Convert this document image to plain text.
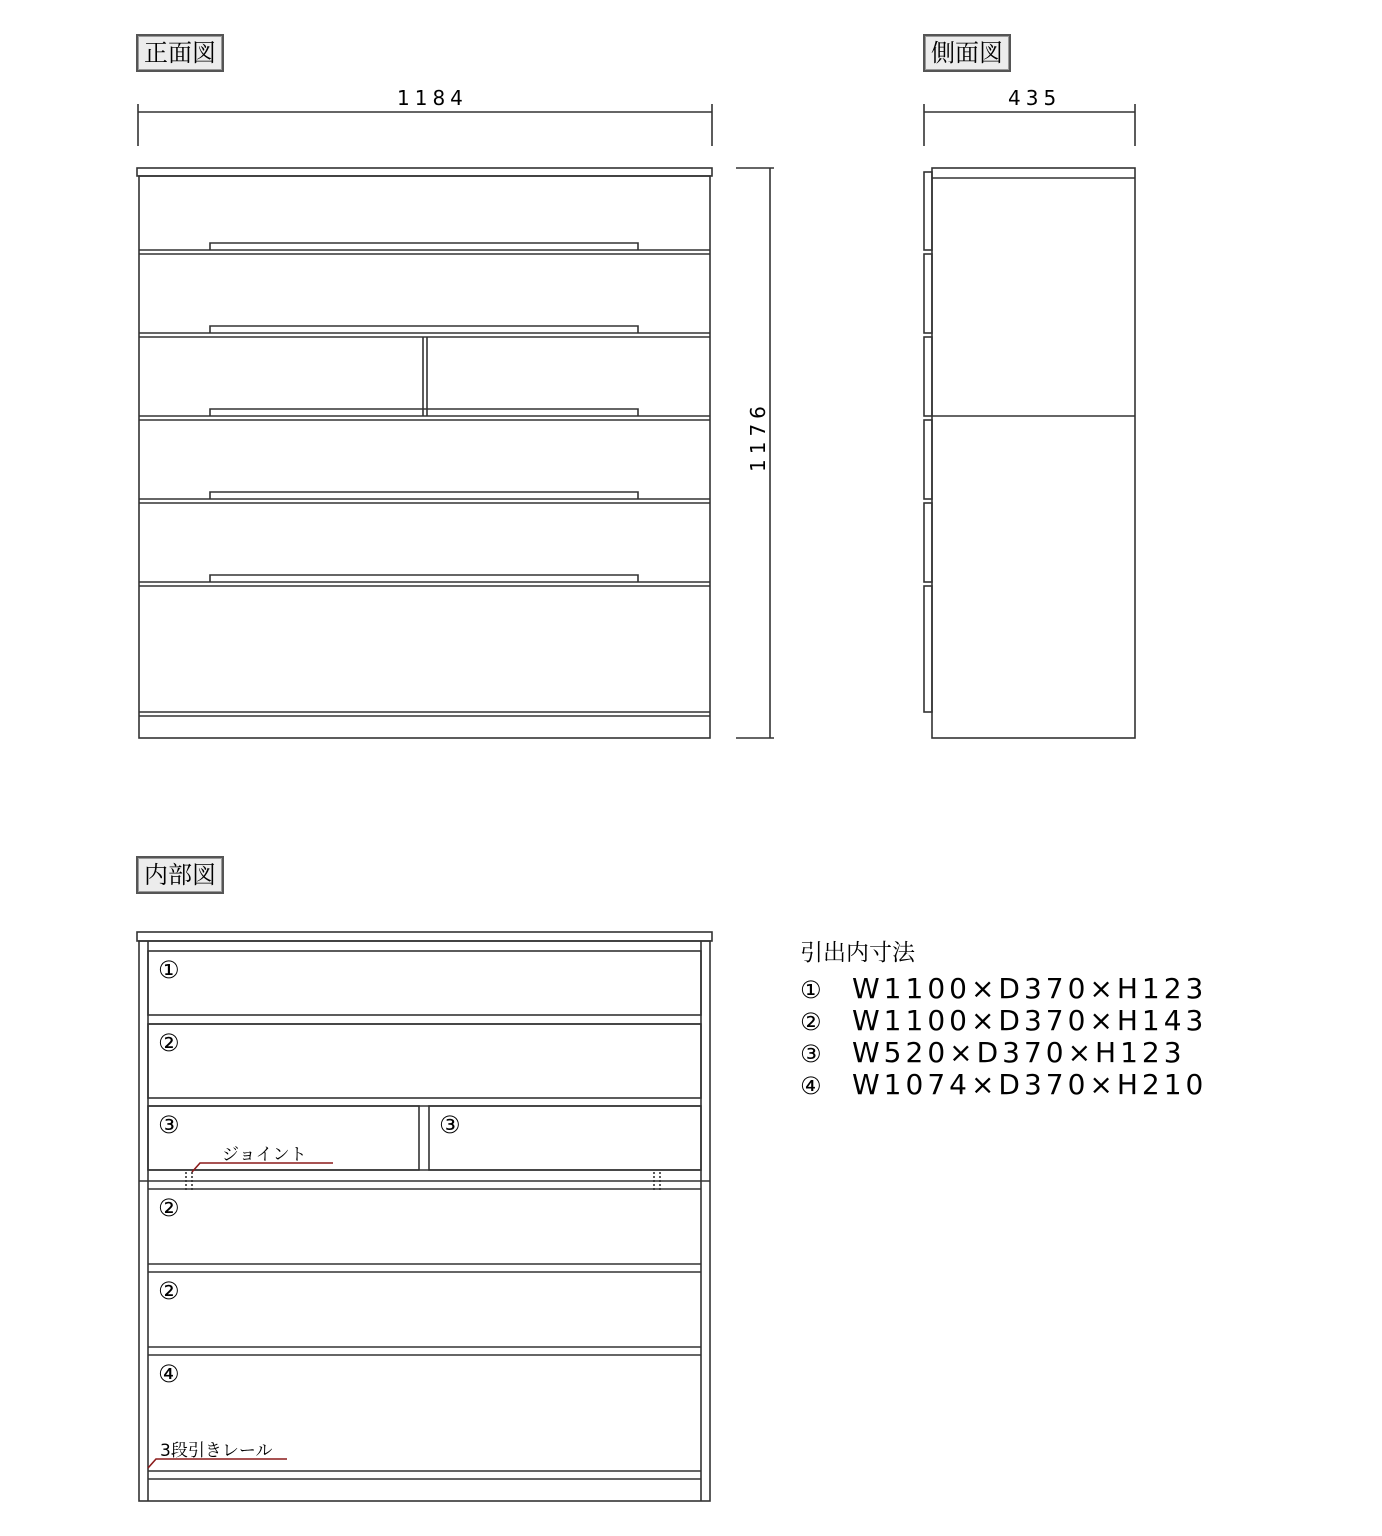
正面図	側面図
内部図
1184	435
1176
①
②
③	③
②
②
④
ジョイント
3段引きレール
引出内寸法
① W1100×D370×H123
② W1100×D370×H143
③ W520×D370×H123
④ W1074×D370×H210
